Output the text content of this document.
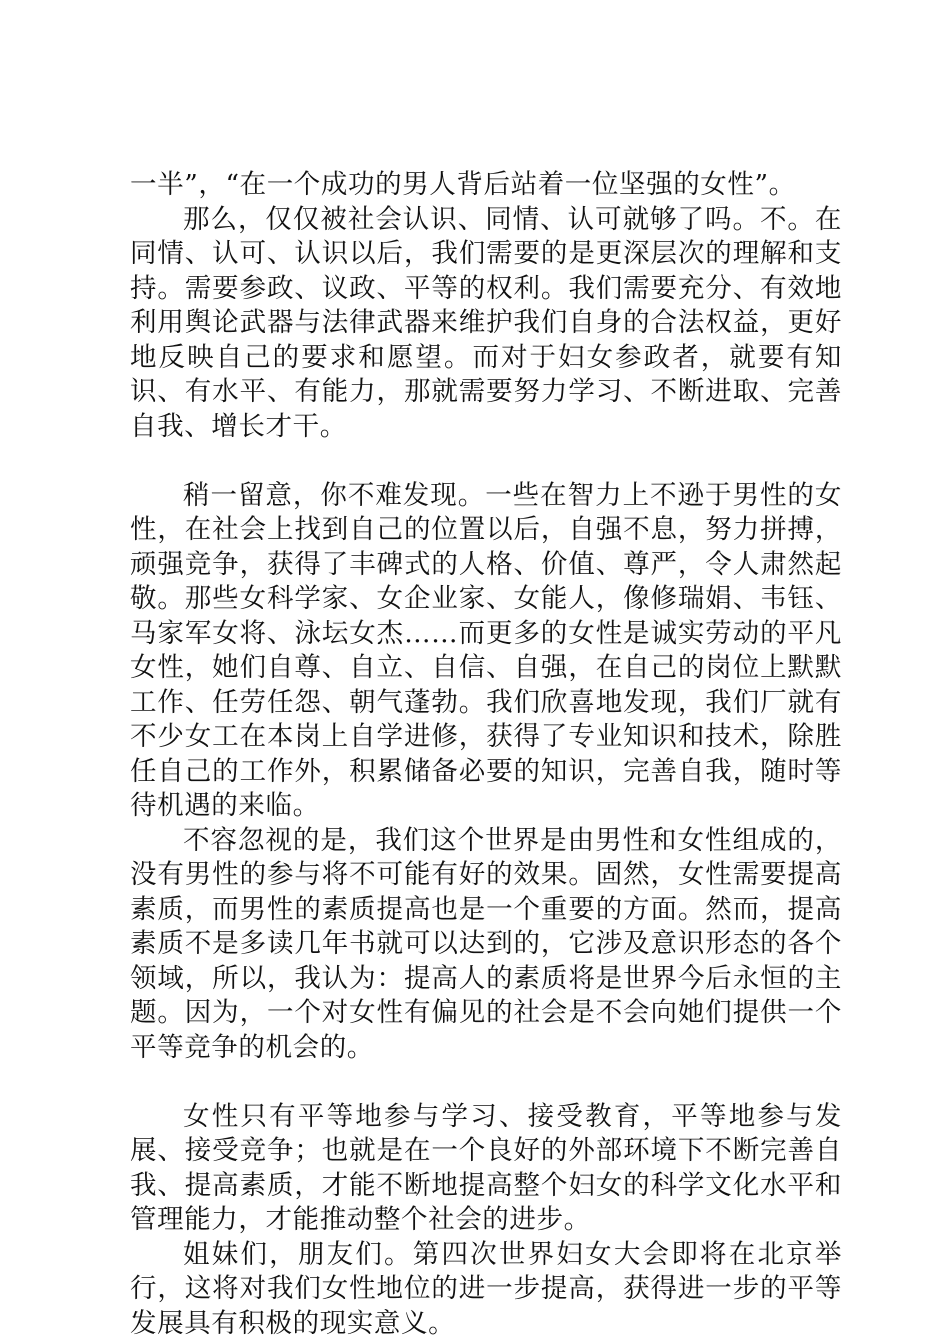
一半”，“在一个成功的男人背后站着一位坚强的女性”。

那么，仅仅被社会认识、同情、认可就够了吗。不。在同情、认可、认识以后，我们需要的是更深层次的理解和支持。需要参政、议政、平等的权利。我们需要充分、有效地利用舆论武器与法律武器来维护我们自身的合法权益，更好地反映自己的要求和愿望。而对于妇女参政者，就要有知识、有水平、有能力，那就需要努力学习、不断进取、完善自我、增长才干。

稍一留意，你不难发现。一些在智力上不逊于男性的女性，在社会上找到自己的位置以后，自强不息，努力拼搏，顽强竞争，获得了丰碑式的人格、价值、尊严，令人肃然起敬。那些女科学家、女企业家、女能人，像修瑞娟、韦钰、马家军女将、泳坛女杰……而更多的女性是诚实劳动的平凡女性，她们自尊、自立、自信、自强，在自己的岗位上默默工作、任劳任怨、朝气蓬勃。我们欣喜地发现，我们厂就有不少女工在本岗上自学进修，获得了专业知识和技术，除胜任自己的工作外，积累储备必要的知识，完善自我，随时等待机遇的来临。

不容忽视的是，我们这个世界是由男性和女性组成的，没有男性的参与将不可能有好的效果。固然，女性需要提高素质，而男性的素质提高也是一个重要的方面。然而，提高素质不是多读几年书就可以达到的，它涉及意识形态的各个领域，所以，我认为：提高人的素质将是世界今后永恒的主题。因为，一个对女性有偏见的社会是不会向她们提供一个平等竞争的机会的。

女性只有平等地参与学习、接受教育，平等地参与发展、接受竞争；也就是在一个良好的外部环境下不断完善自我、提高素质，才能不断地提高整个妇女的科学文化水平和管理能力，才能推动整个社会的进步。

姐妹们，朋友们。第四次世界妇女大会即将在北京举行，这将对我们女性地位的进一步提高，获得进一步的平等发展具有积极的现实意义。
